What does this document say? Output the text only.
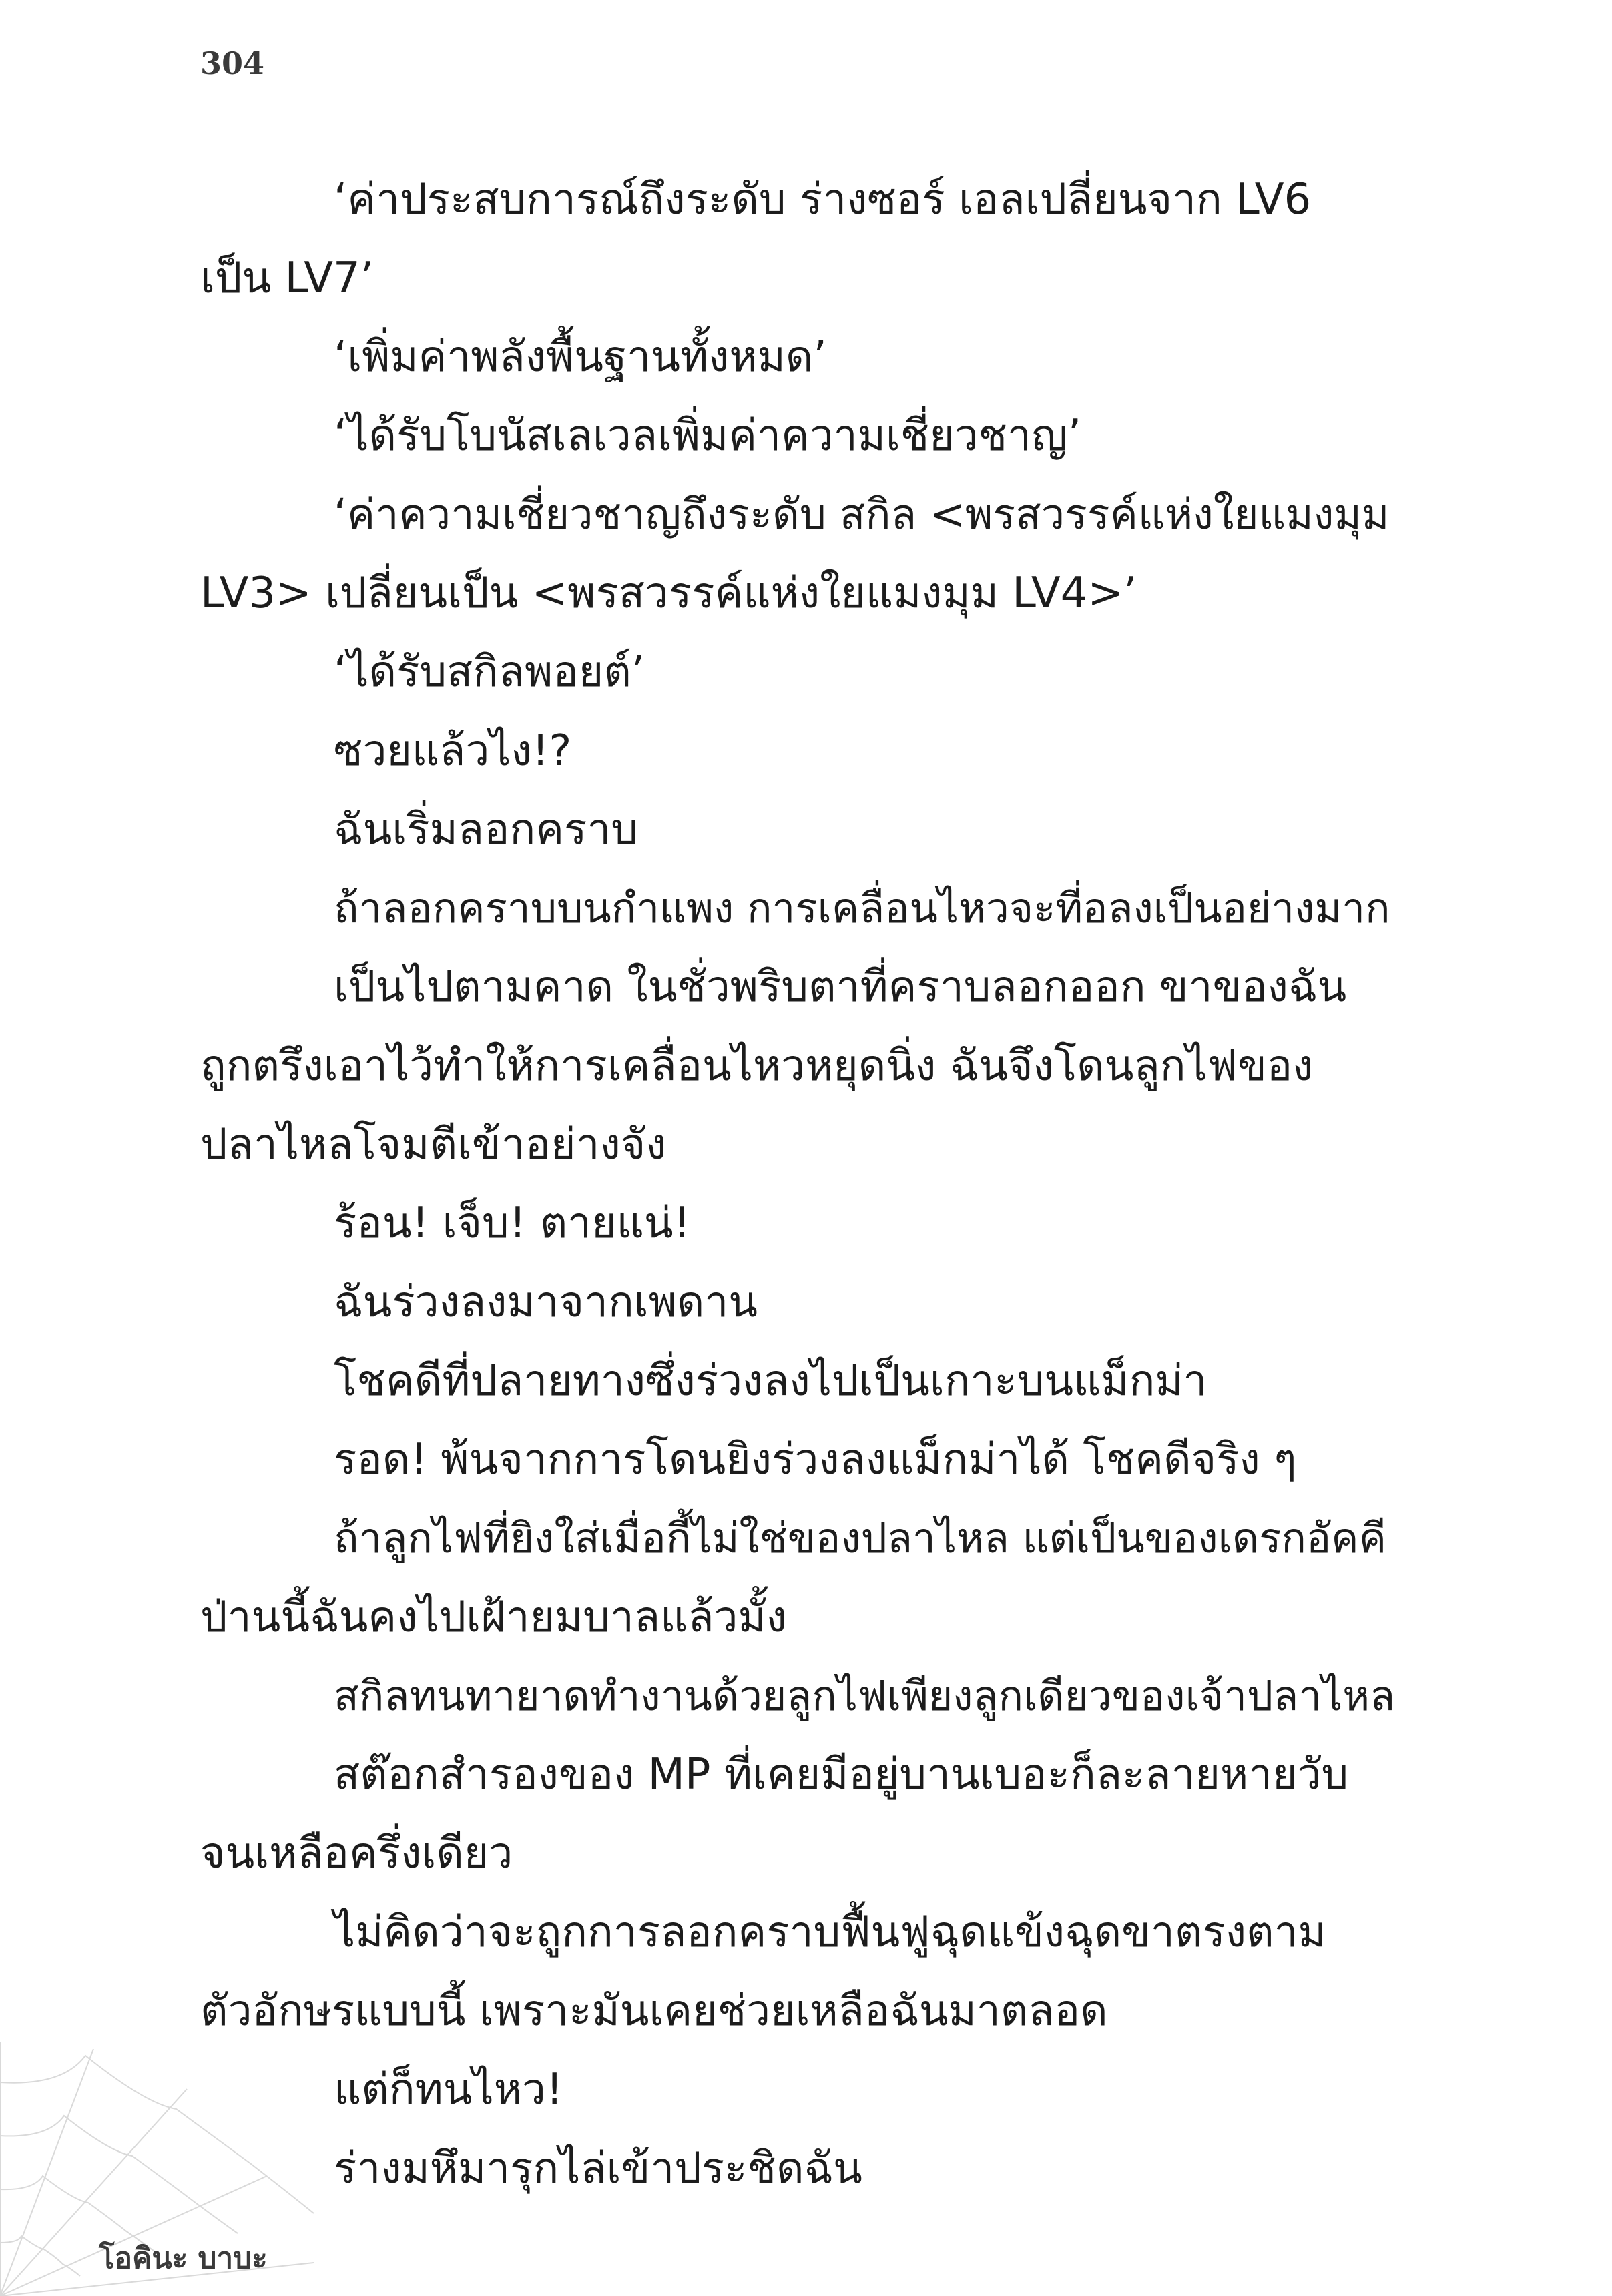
304
‘ค่าประสบการณ์ถึงระดับ ร่างซอร์ เอลเปลี่ยนจาก LV6
เป็น LV7’
‘เพิ่มค่าพลังพื้นฐานทั้งหมด’
‘ได้รับโบนัสเลเวลเพิ่มค่าความเชี่ยวชาญ’
‘ค่าความเชี่ยวชาญถึงระดับ สกิล <พรสวรรค์แห่งใยแมงมุม
LV3> เปลี่ยนเป็น <พรสวรรค์แห่งใยแมงมุม LV4>’
‘ได้รับสกิลพอยต์’
ซวยแล้วไง!?
ฉันเริ่มลอกคราบ
ถ้าลอกคราบบนกำแพง การเคลื่อนไหวจะที่อลงเป็นอย่างมาก
เป็นไปตามคาด ในชั่วพริบตาที่คราบลอกออก ขาของฉัน
ถูกตรึงเอาไว้ทำให้การเคลื่อนไหวหยุดนิ่ง ฉันจึงโดนลูกไฟของ
ปลาไหลโจมตีเข้าอย่างจัง
ร้อน! เจ็บ! ตายแน่!
ฉันร่วงลงมาจากเพดาน
โชคดีที่ปลายทางซึ่งร่วงลงไปเป็นเกาะบนแม็กม่า
รอด! พ้นจากการโดนยิงร่วงลงแม็กม่าได้ โชคดีจริง ๆ
ถ้าลูกไฟที่ยิงใส่เมื่อกี้ไม่ใช่ของปลาไหล แต่เป็นของเดรกอัคคี
ป่านนี้ฉันคงไปเฝ้ายมบาลแล้วมั้ง
สกิลทนทายาดทำงานด้วยลูกไฟเพียงลูกเดียวของเจ้าปลาไหล
สต๊อกสำรองของ MP ที่เคยมีอยู่บานเบอะก็ละลายหายวับ
จนเหลือครึ่งเดียว
ไม่คิดว่าจะถูกการลอกคราบฟื้นฟูฉุดแข้งฉุดขาตรงตาม
ตัวอักษรแบบนี้ เพราะมันเคยช่วยเหลือฉันมาตลอด
แต่ก็ทนไหว!
ร่างมหึมารุกไล่เข้าประชิดฉัน
โอคินะ บาบะ
